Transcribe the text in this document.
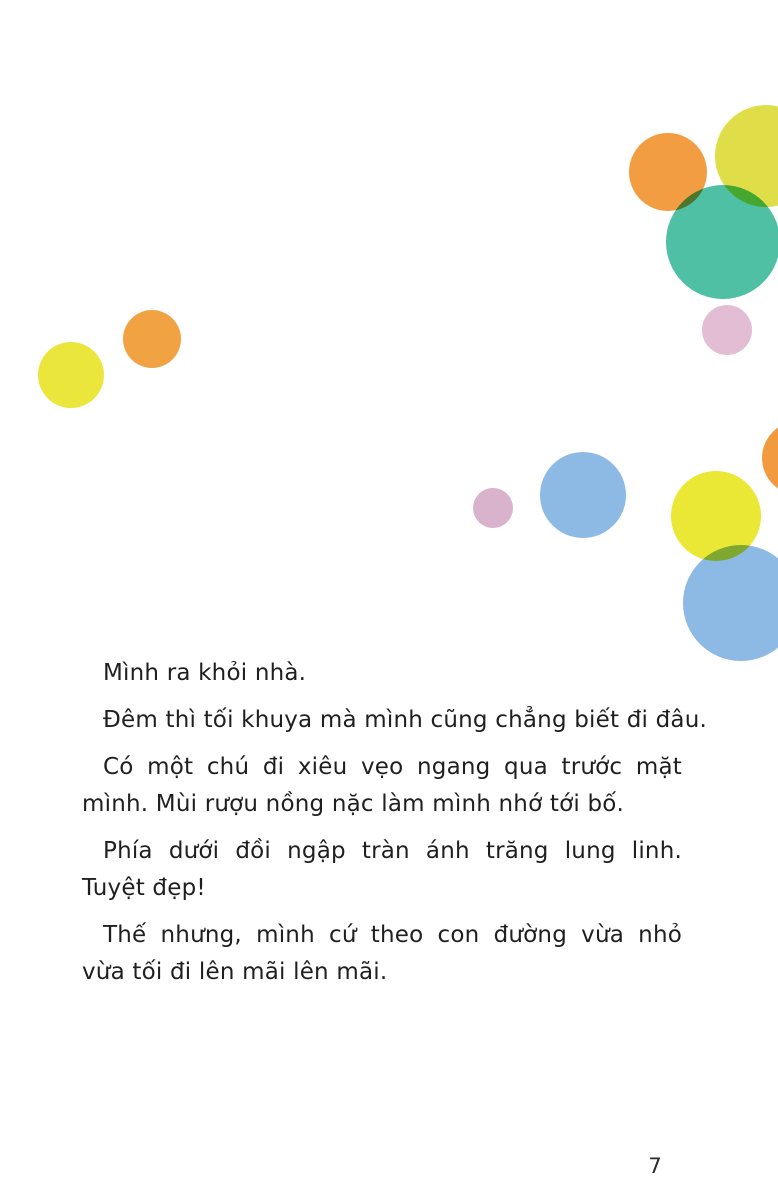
Mình ra khỏi nhà.
Đêm thì tối khuya mà mình cũng chẳng biết đi đâu.
Có một chú đi xiêu vẹo ngang qua trước mặt
mình. Mùi rượu nồng nặc làm mình nhớ tới bố.
Phía dưới đồi ngập tràn ánh trăng lung linh.
Tuyệt đẹp!
Thế nhưng, mình cứ theo con đường vừa nhỏ
vừa tối đi lên mãi lên mãi.
7
